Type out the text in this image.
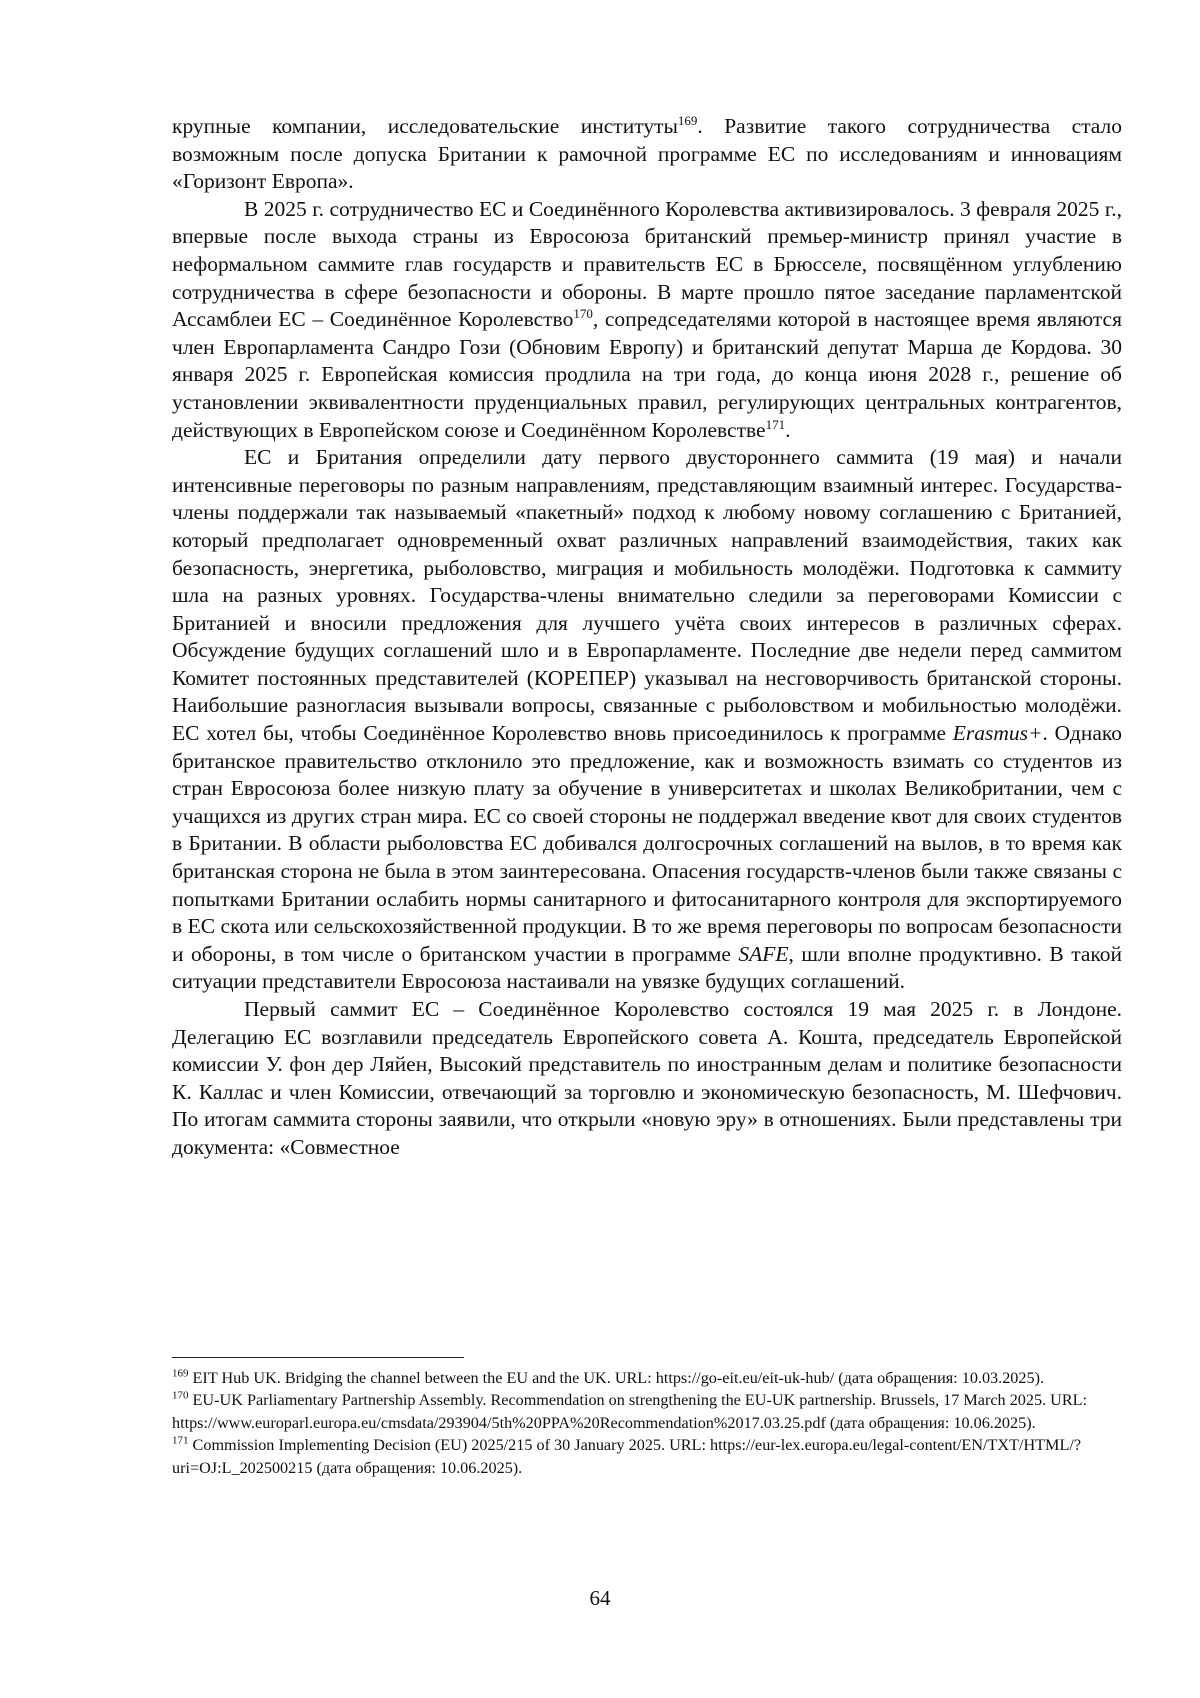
крупные компании, исследовательские институты$^{169}$. Развитие такого сотрудничества стало возможным после допуска Британии к рамочной программе ЕС по исследованиям и инновациям «Горизонт Европа».

В 2025 г. сотрудничество ЕС и Соединённого Королевства активизировалось. 3 февраля 2025 г., впервые после выхода страны из Евросоюза британский премьер-министр принял участие в неформальном саммите глав государств и правительств ЕС в Брюсселе, посвящённом углублению сотрудничества в сфере безопасности и обороны. В марте прошло пятое заседание парламентской Ассамблеи ЕС – Соединённое Королевство$^{170}$, сопредседателями которой в настоящее время являются член Европарламента Сандро Гози (Обновим Европу) и британский депутат Марша де Кордова. 30 января 2025 г. Европейская комиссия продлила на три года, до конца июня 2028 г., решение об установлении эквивалентности пруденциальных правил, регулирующих центральных контрагентов, действующих в Европейском союзе и Соединённом Королевстве$^{171}$.

ЕС и Британия определили дату первого двустороннего саммита (19 мая) и начали интенсивные переговоры по разным направлениям, представляющим взаимный интерес. Государства-члены поддержали так называемый «пакетный» подход к любому новому соглашению с Британией, который предполагает одновременный охват различных направлений взаимодействия, таких как безопасность, энергетика, рыболовство, миграция и мобильность молодёжи. Подготовка к саммиту шла на разных уровнях. Государства-члены внимательно следили за переговорами Комиссии с Британией и вносили предложения для лучшего учёта своих интересов в различных сферах. Обсуждение будущих соглашений шло и в Европарламенте. Последние две недели перед саммитом Комитет постоянных представителей (КОРЕПЕР) указывал на несговорчивость британской стороны. Наибольшие разногласия вызывали вопросы, связанные с рыболовством и мобильностью молодёжи. ЕС хотел бы, чтобы Соединённое Королевство вновь присоединилось к программе Erasmus+. Однако британское правительство отклонило это предложение, как и возможность взимать со студентов из стран Евросоюза более низкую плату за обучение в университетах и школах Великобритании, чем с учащихся из других стран мира. ЕС со своей стороны не поддержал введение квот для своих студентов в Британии. В области рыболовства ЕС добивался долгосрочных соглашений на вылов, в то время как британская сторона не была в этом заинтересована. Опасения государств-членов были также связаны с попытками Британии ослабить нормы санитарного и фитосанитарного контроля для экспортируемого в ЕС скота или сельскохозяйственной продукции. В то же время переговоры по вопросам безопасности и обороны, в том числе о британском участии в программе SAFE, шли вполне продуктивно. В такой ситуации представители Евросоюза настаивали на увязке будущих соглашений.

Первый саммит ЕС – Соединённое Королевство состоялся 19 мая 2025 г. в Лондоне. Делегацию ЕС возглавили председатель Европейского совета А. Кошта, председатель Европейской комиссии У. фон дер Ляйен, Высокий представитель по иностранным делам и политике безопасности К. Каллас и член Комиссии, отвечающий за торговлю и экономическую безопасность, М. Шефчович. По итогам саммита стороны заявили, что открыли «новую эру» в отношениях. Были представлены три документа: «Совместное

$^{169}$ EIT Hub UK. Bridging the channel between the EU and the UK. URL: https://go-eit.eu/eit-uk-hub/ (дата обращения: 10.03.2025).

$^{170}$ EU-UK Parliamentary Partnership Assembly. Recommendation on strengthening the EU-UK partnership. Brussels, 17 March 2025. URL: https://www.europarl.europa.eu/cmsdata/293904/5th%20PPA%20Recommendation%2017.03.25.pdf (дата обращения: 10.06.2025).

$^{171}$ Commission Implementing Decision (EU) 2025/215 of 30 January 2025. URL: https://eur-lex.europa.eu/legal-content/EN/TXT/HTML/?uri=OJ:L_202500215 (дата обращения: 10.06.2025).

64
